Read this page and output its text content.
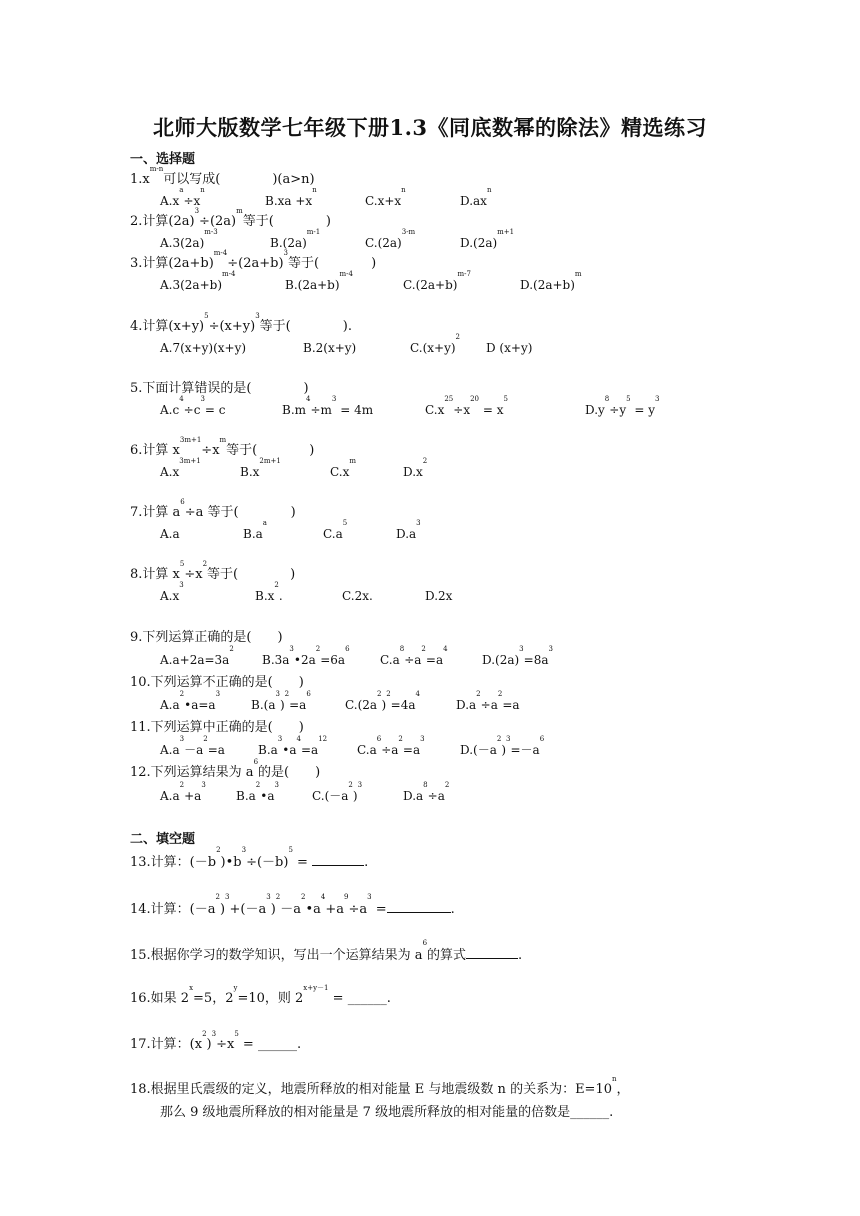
北师大版数学七年级下册1.3《同底数幂的除法》精选练习
一、选择题
$1.x^{m-n}$可以写成(　　　　)(a>n)
$A.x^a\div x^n$
$B.xa +x^n$
$C.x+x^n$
$D.ax^n$
2.计算$(2a)^3\div(2a)^m$等于(　　　　)
$A.3(2a)^{m-3}$
$B.(2a)^{m-1}$
$C.(2a)^{3-m}$
$D.(2a)^{m+1}$
3.计算$(2a+b)^{m-4}\div(2a+b)^3$等于(　　　　)
$A.3(2a+b)^{m-4}$
$B.(2a+b)^{m-4}$
$C.(2a+b)^{m-7}$
$D.(2a+b)^m$
4.计算$(x+y)^5\div(x+y)^3$等于(　　　　).
A.7(x+y)(x+y)	B.2(x+y)	$C.(x+y)^2$
D (x+y)
5.下面计算错误的是(　　　　)
$A.c^4\div c^3= c$	$B.m^4\div m^3 = 4m$	$C.x^{25}\div x^{20} = x^5$
$D.y^8\div y^5 = y^3$
6.计算 $x^{3m+1}\div x^m$等于(　　　　)
$A.x^{3m+1}$
$B.x^{2m+1}$
$C.x^m$
$D.x^2$
7.计算 $a^6\div a$ 等于(　　　　)
A.a	$B.a^a$
$C.a^5$
$D.a^3$
8.计算 $x^5\div x^2$等于(　　　　)
$A.x^3$
$B.x^2$.	C.2x.	D.2x
9.下列运算正确的是(　　)
$A.a+2a=3a^2$
$B.3a^3•2a^2=6a^6$
$C.a^8\div a^2=a^4$
$D.(2a)^3=8a^3$
10.下列运算不正确的是(　　)
$A.a^2•a=a^3$
$B.(a^3)^2=a^6$
$C.(2a^2)^2=4a^4$
$D.a^2\div a^2=a$
11.下列运算中正确的是(　　)
$A.a^3-a^2=a$	$B.a^3•a^4=a^{12}$
$C.a^6\div a^2=a^3$
$D.(-a^2)^3=-a^6$
12.下列运算结果为 $a^6$的是(　　)
$A.a^2+a^3$
$B.a^2•a^3$
$C.(-a^2)^3$
$D.a^8\div a^2$
二、填空题
13.计算：$(-b^2)•b^3\div(-b)^5$ =	.
14.计算：$(-a^2)^3+(-a^3)^2-a^2•a^4+a^9\div a^3$ =	.
15.根据你学习的数学知识，写出一个运算结果为 $a^6$的算式	.
16.如果 $2^x=5$，$2^y=10$，则 $2^{x+y-1}$ = ______.
17.计算：$(x^2)^3\div x^5$ = ______.
18.根据里氏震级的定义，地震所释放的相对能量 E 与地震级数 n 的关系为：$E=10^n$，
那么 9 级地震所释放的相对能量是 7 级地震所释放的相对能量的倍数是______.
